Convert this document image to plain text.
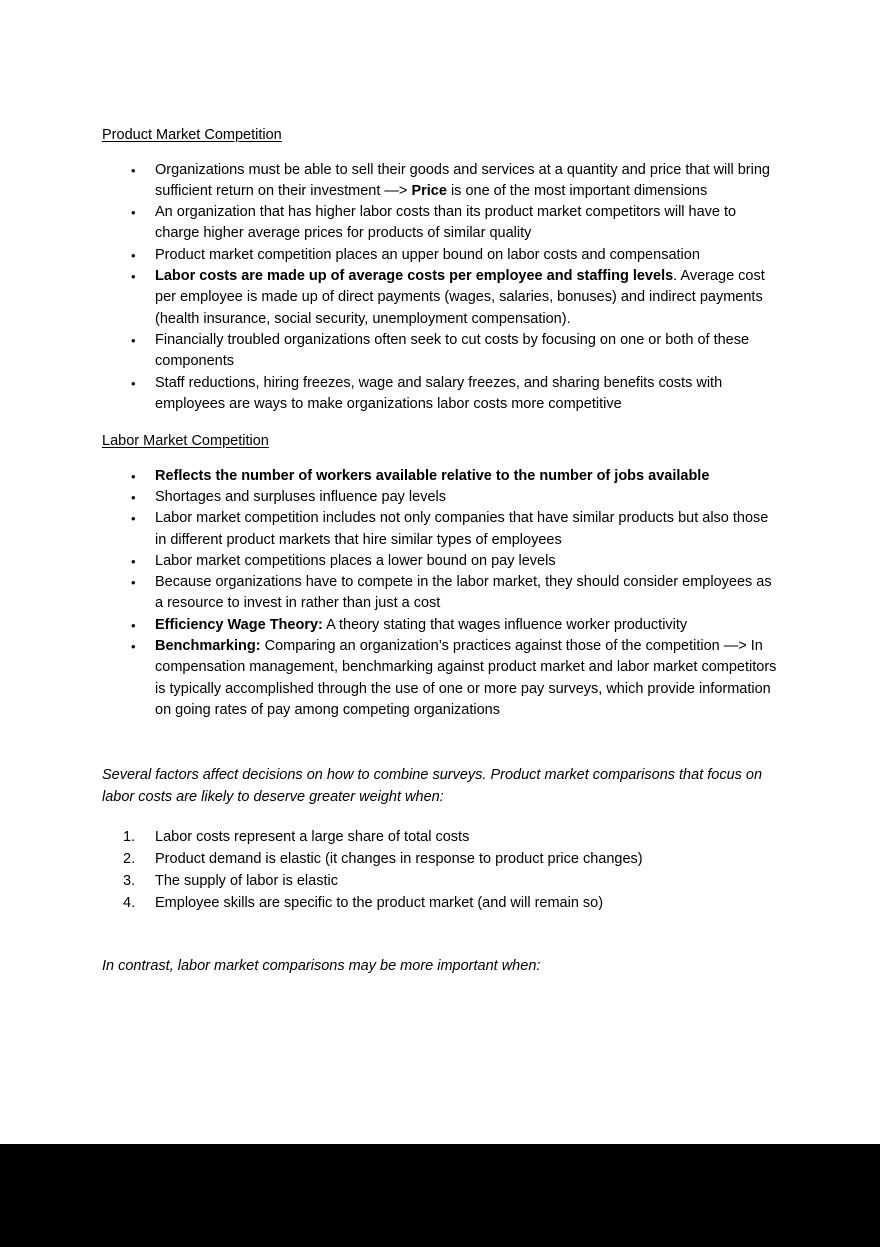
Product Market Competition
• Organizations must be able to sell their goods and services at a quantity and price that will bring sufficient return on their investment —> Price is one of the most important dimensions
• An organization that has higher labor costs than its product market competitors will have to charge higher average prices for products of similar quality
• Product market competition places an upper bound on labor costs and compensation
• Labor costs are made up of average costs per employee and staffing levels. Average cost per employee is made up of direct payments (wages, salaries, bonuses) and indirect payments (health insurance, social security, unemployment compensation).
• Financially troubled organizations often seek to cut costs by focusing on one or both of these components
• Staff reductions, hiring freezes, wage and salary freezes, and sharing benefits costs with employees are ways to make organizations labor costs more competitive
Labor Market Competition
• Reflects the number of workers available relative to the number of jobs available
• Shortages and surpluses influence pay levels
• Labor market competition includes not only companies that have similar products but also those in different product markets that hire similar types of employees
• Labor market competitions places a lower bound on pay levels
• Because organizations have to compete in the labor market, they should consider employees as a resource to invest in rather than just a cost
• Efficiency Wage Theory: A theory stating that wages influence worker productivity
• Benchmarking: Comparing an organization’s practices against those of the competition —> In compensation management, benchmarking against product market and labor market competitors is typically accomplished through the use of one or more pay surveys, which provide information on going rates of pay among competing organizations

Several factors affect decisions on how to combine surveys. Product market comparisons that focus on labor costs are likely to deserve greater weight when:

Labor costs represent a large share of total costs
Product demand is elastic (it changes in response to product price changes)
The supply of labor is elastic
Employee skills are specific to the product market (and will remain so)

In contrast, labor market comparisons may be more important when:
